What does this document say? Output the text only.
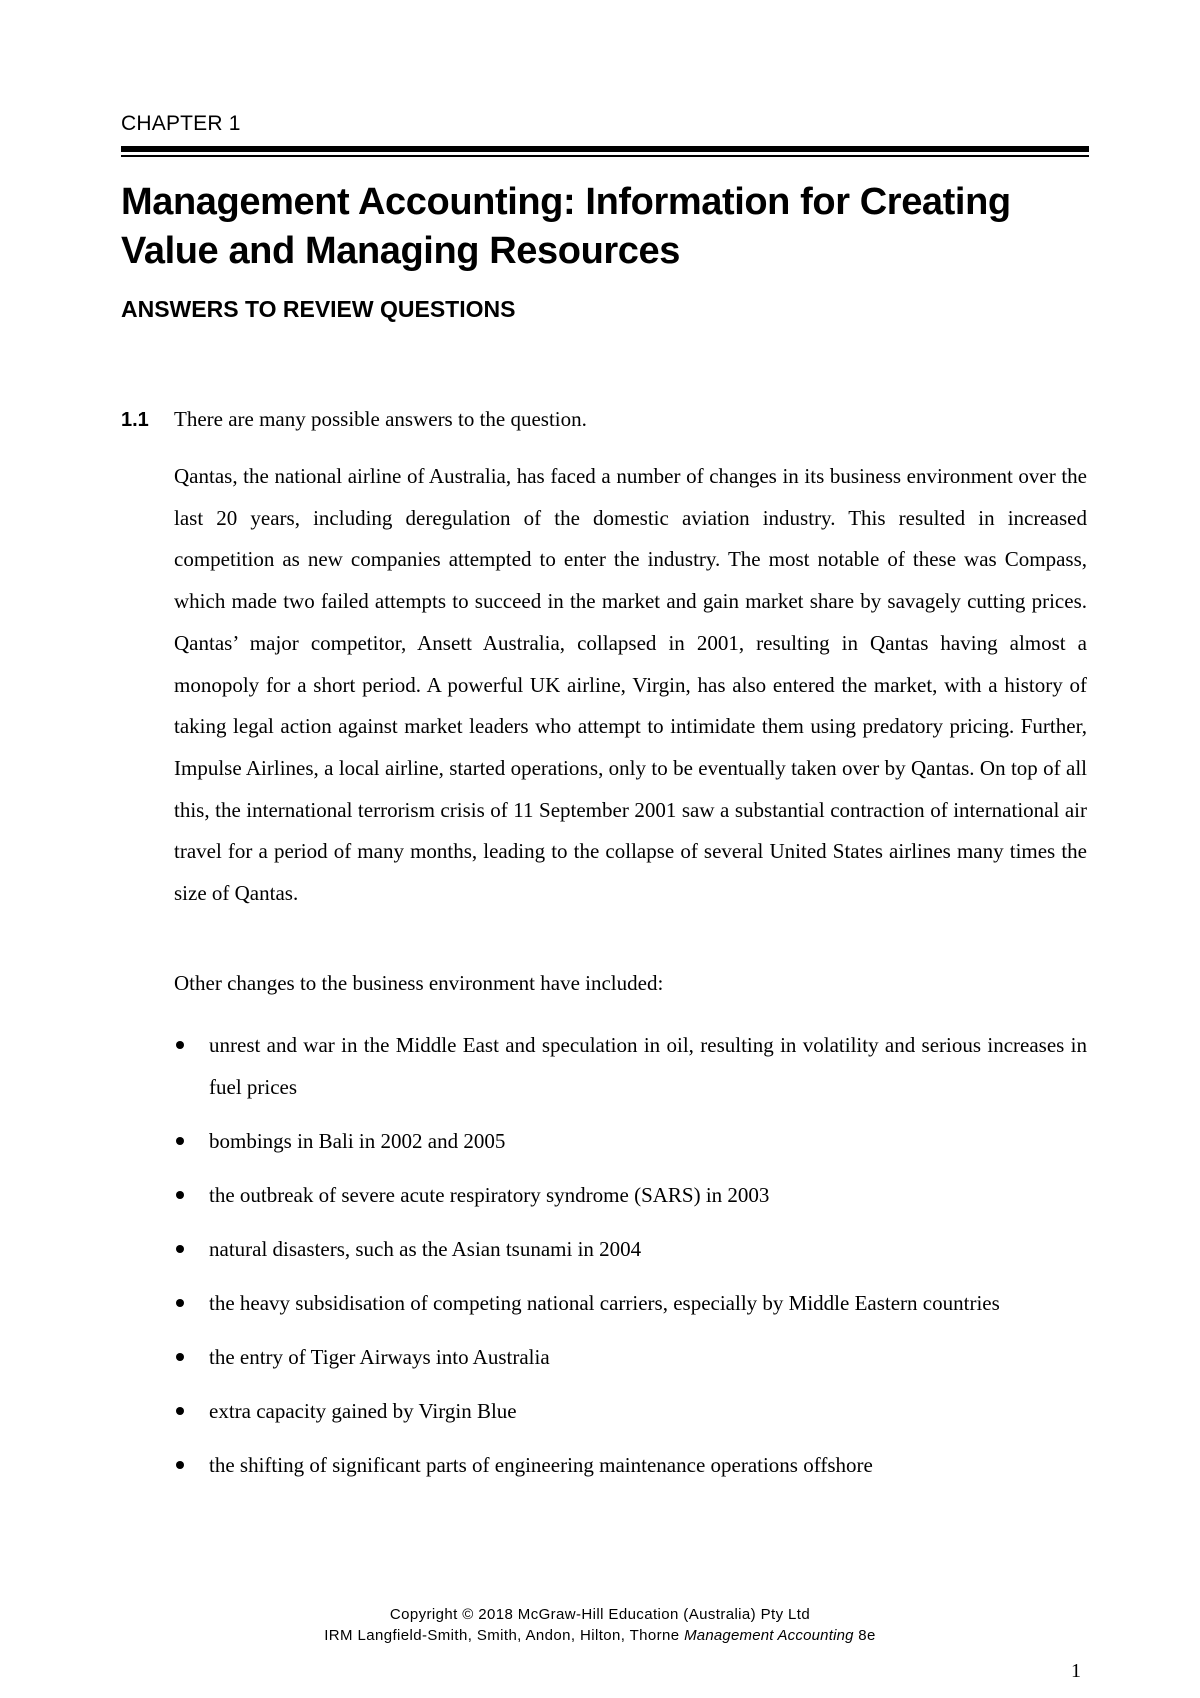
CHAPTER 1
Management Accounting: Information for Creating
Value and Managing Resources
ANSWERS TO REVIEW QUESTIONS
1.1 There are many possible answers to the question.

Qantas, the national airline of Australia, has faced a number of changes in its business environment over the last 20 years, including deregulation of the domestic aviation industry. This resulted in increased competition as new companies attempted to enter the industry. The most notable of these was Compass, which made two failed attempts to succeed in the market and gain market share by savagely cutting prices. Qantas’ major competitor, Ansett Australia, collapsed in 2001, resulting in Qantas having almost a monopoly for a short period. A powerful UK airline, Virgin, has also entered the market, with a history of taking legal action against market leaders who attempt to intimidate them using predatory pricing. Further, Impulse Airlines, a local airline, started operations, only to be eventually taken over by Qantas. On top of all this, the international terrorism crisis of 11 September 2001 saw a substantial contraction of international air travel for a period of many months, leading to the collapse of several United States airlines many times the size of Qantas.

Other changes to the business environment have included:

unrest and war in the Middle East and speculation in oil, resulting in volatility and serious increases in fuel prices
bombings in Bali in 2002 and 2005
the outbreak of severe acute respiratory syndrome (SARS) in 2003
natural disasters, such as the Asian tsunami in 2004
the heavy subsidisation of competing national carriers, especially by Middle Eastern countries
the entry of Tiger Airways into Australia
extra capacity gained by Virgin Blue
the shifting of significant parts of engineering maintenance operations offshore
Copyright © 2018 McGraw-Hill Education (Australia) Pty Ltd
IRM Langfield-Smith, Smith, Andon, Hilton, Thorne Management Accounting 8e
1
